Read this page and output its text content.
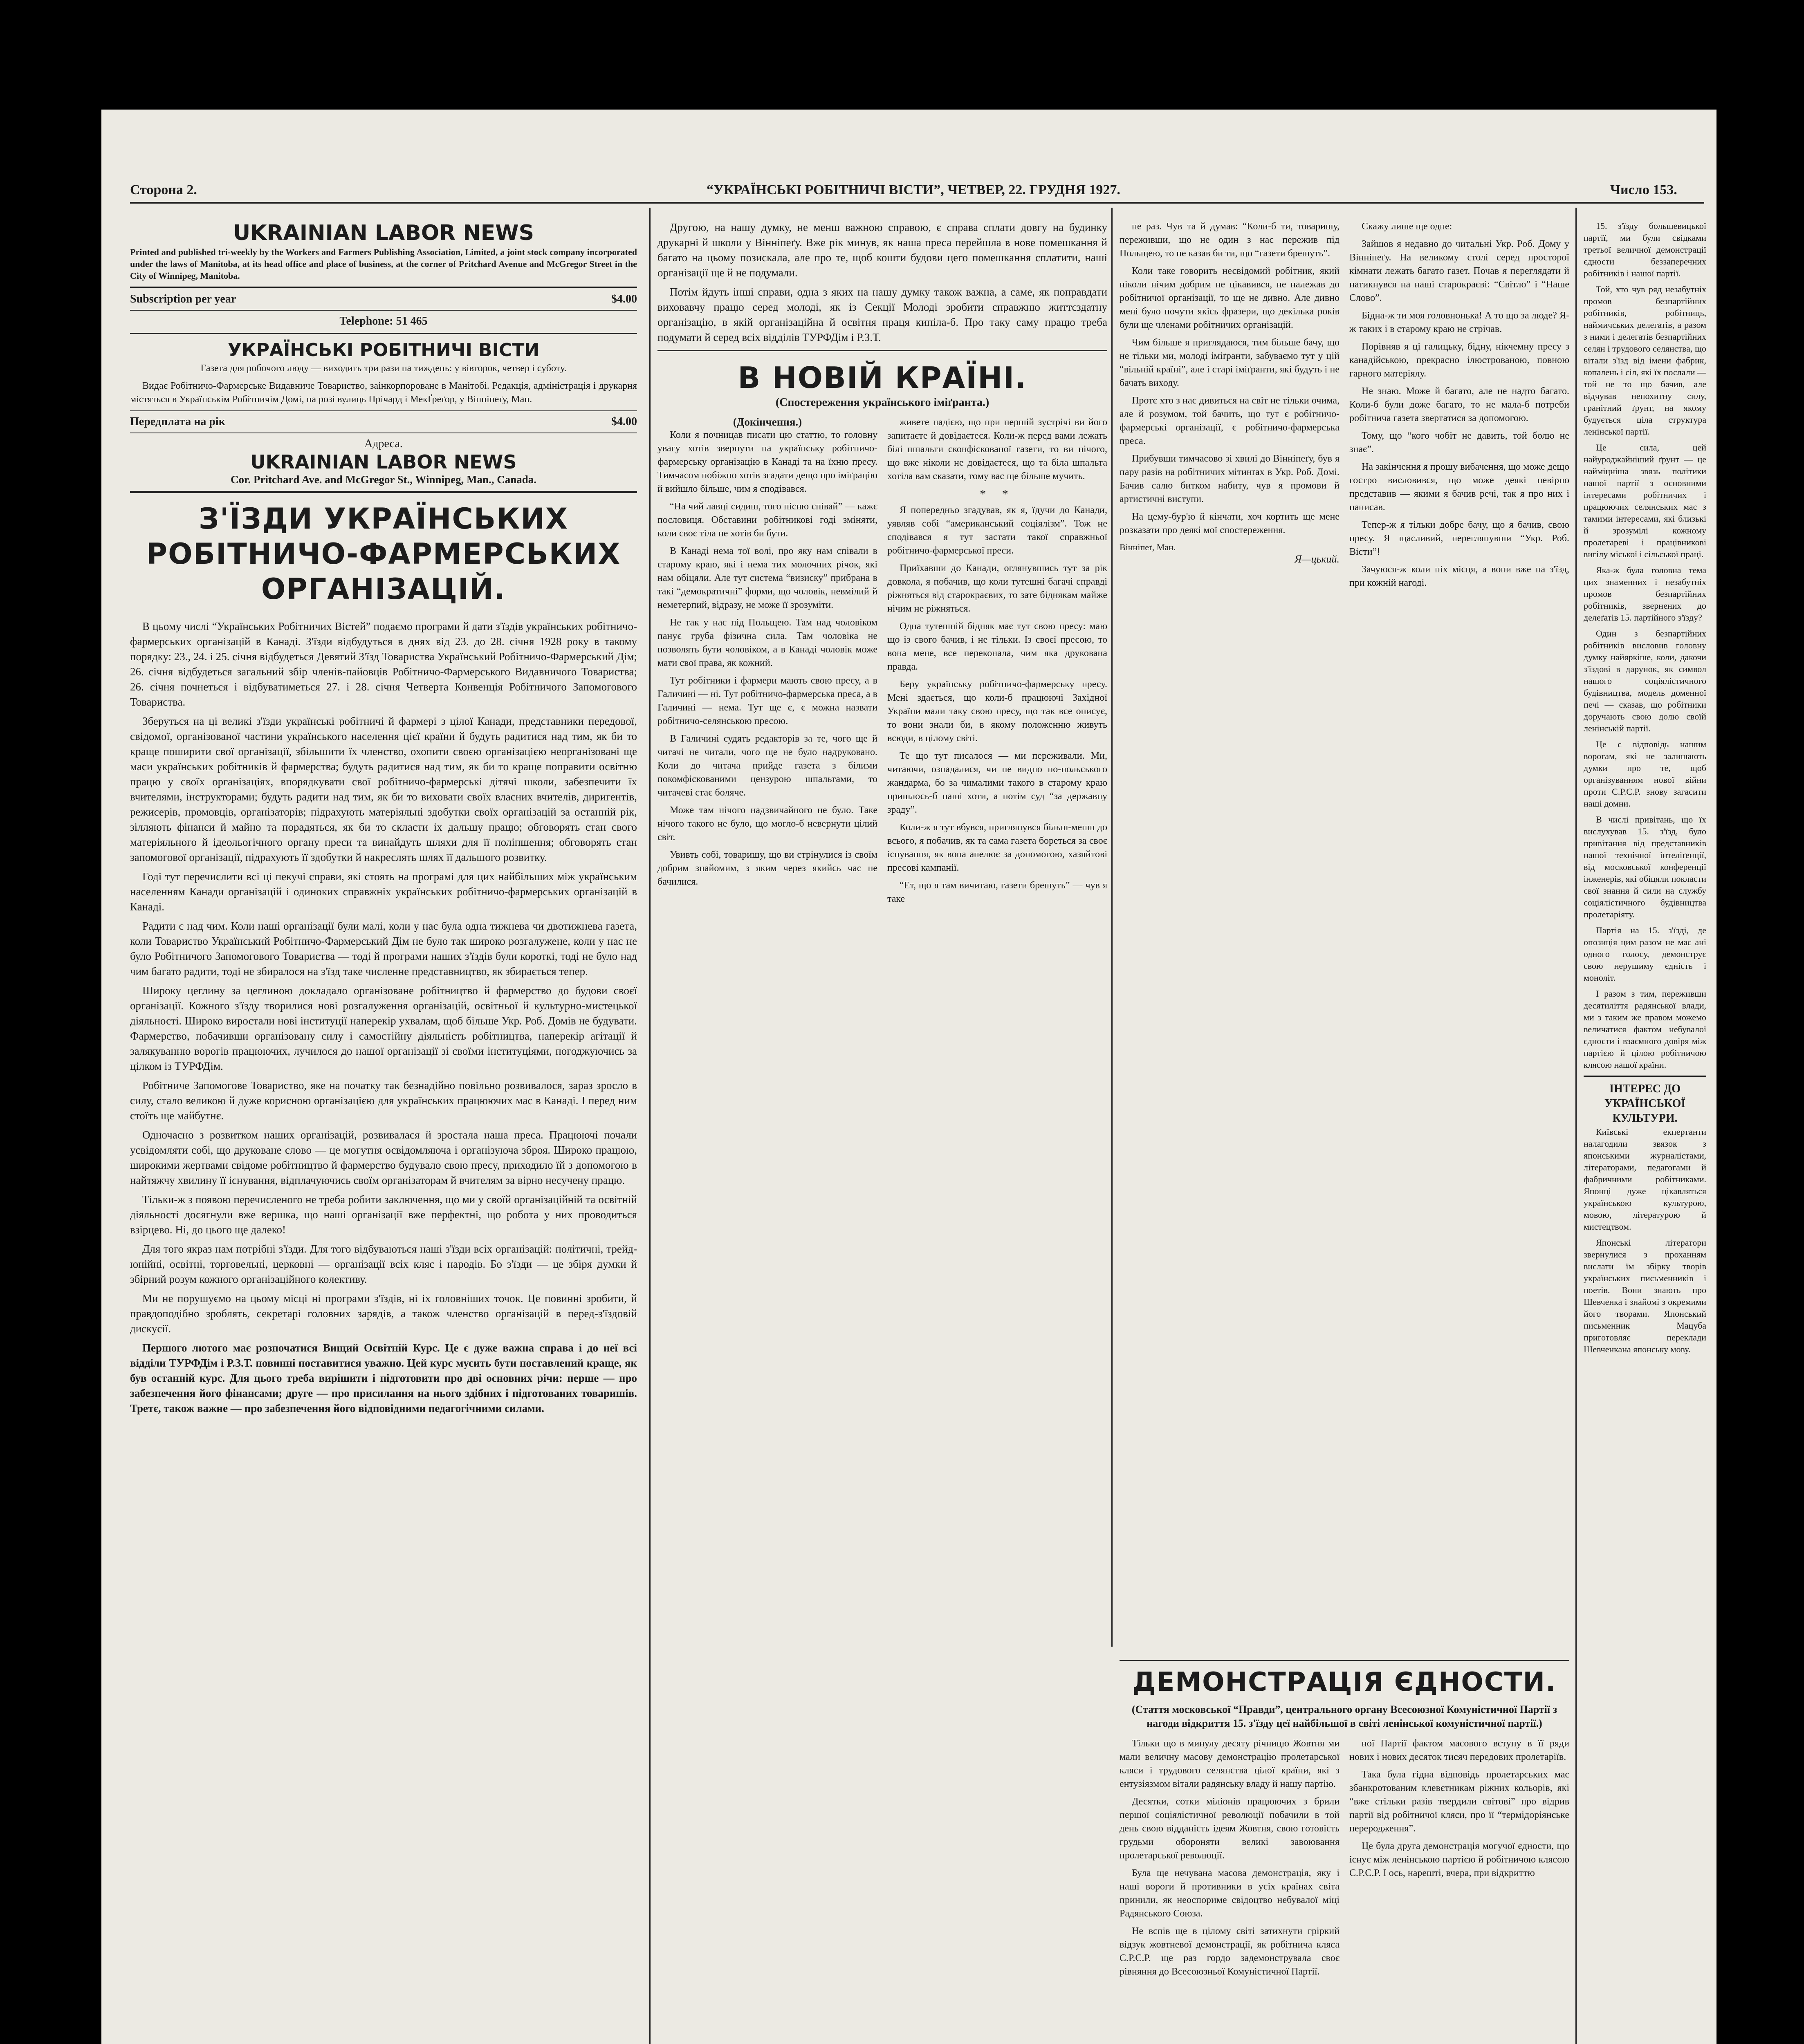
Сторона 2.	“УКРАЇНСЬКІ РОБІТНИЧІ ВІСТИ”, ЧЕТВЕР, 22. ГРУДНЯ 1927.	Число 153.
UKRAINIAN LABOR NEWS
Printed and published tri-weekly by the Workers and Farmers Publishing Association, Limited, a joint stock company incorporated under the laws of Manitoba, at its head office and place of business, at the corner of Pritchard Avenue and McGregor Street in the City of Winnipeg, Manitoba.
Subscription per year	$4.00
Telephone: 51 465
УКРАЇНСЬКІ РОБІТНИЧІ ВІСТИ
Газета для робочого люду — виходить три рази на тиждень: у вівторок, четвер і суботу.
Видає Робітничо-Фармерське Видавниче Товариство, заінкорпороване в Манітобі. Редакція, адміністрація і друкарня містяться в Українськім Робітничім Домі, на розі вулиць Прічард і МекҐреґор, у Вінніпеґу, Ман.
Передплата на рік	$4.00
Адреса.
UKRAINIAN LABOR NEWS
Cor. Pritchard Ave. and McGregor St., Winnipeg, Man., Canada.
З'ЇЗДИ УКРАЇНСЬКИХ РОБІТНИЧО-ФАРМЕРСЬКИХ ОРГАНІЗАЦІЙ.

В цьому числі “Українських Робітничих Вістей” подаємо програми й дати з'їздів українських робітничо-фармерських організацій в Канаді. З'їзди відбудуться в днях від 23. до 28. січня 1928 року в такому порядку: 23., 24. і 25. січня відбудеться Девятий З'їзд Товариства Український Робітничо-Фармерський Дім; 26. січня відбудеться загальний збір членів-пайовців Робітничо-Фармерського Видавничого Товариства; 26. січня почнеться і відбуватиметься 27. і 28. січня Четверта Конвенція Робітничого Запомогового Товариства.

Зберуться на ці великі з'їзди українські робітничі й фармері з цілої Канади, представники передової, свідомої, організованої частини українського населення цієї країни й будуть радитися над тим, як би то краще поширити свої організації, збільшити їх членство, охопити своєю організацією неорганізовані ще маси українських робітників й фармерства; будуть радитися над тим, як би то краще поправити освітню працю у своїх організаціях, впорядкувати свої робітничо-фармерські дітячі школи, забезпечити їх вчителями, інструкторами; будуть радити над тим, як би то виховати своїх власних вчителів, диригентів, режисерів, промовців, організаторів; підрахують матеріяльні здобутки своїх організацій за останній рік, зілляють фінанси й майно та порадяться, як би то скласти іх дальшу працю; обговорять стан свого матеріяльного й ідеольогічного органу преси та винайдуть шляхи для її поліпшення; обговорять стан запомогової організації, підрахують її здобутки й накреслять шлях її дальшого розвитку.

Годі тут перечислити всі ці пекучі справи, які стоять на програмі для цих найбільших між українським населенням Канади організацій і одиноких справжніх українських робітничо-фармерських організацій в Канаді.

Радити є над чим. Коли наші організації були малі, коли у нас була одна тижнева чи двотижнева газета, коли Товариство Український Робітничо-Фармерський Дім не було так широко розгалужене, коли у нас не було Робітничого Запомогового Товариства — тоді й програми наших з'їздів були короткі, тоді не було над чим багато радити, тоді не збиралося на з'їзд таке численне представництво, як збирається тепер.

Широку цеглину за цеглиною докладало організоване робітництво й фармерство до будови своєї організації. Кожного з'їзду творилися нові розгалуження організацій, освітньої й культурно-мистецької діяльності. Широко виростали нові інституції наперекір ухвалам, щоб більше Укр. Роб. Домів не будувати. Фармерство, побачивши організовану силу і самостійну діяльність робітництва, наперекір агітації й залякуванню ворогів працюючих, лучилося до нашої організації зі своїми інституціями, погоджуючись за цілком із ТУРФДім.

Робітниче Запомогове Товариство, яке на початку так безнадійно повільно розвивалося, зараз зросло в силу, стало великою й дуже корисною організацією для українських працюючих мас в Канаді. І перед ним стоїть ще майбутнє.

Одночасно з розвитком наших організацій, розвивалася й зростала наша преса. Працюючі почали усвідомляти собі, що друковане слово — це могутня освідомляюча і організуюча зброя. Широко працюю, широкими жертвами свідоме робітництво й фармерство будувало свою пресу, приходило їй з допомогою в найтяжчу хвилину її існування, відплачуючись своїм організаторам й вчителям за вірно несучену працю.

Тільки-ж з появою перечисленого не треба робити заключення, що ми у своїй організаційній та освітній діяльності досягнули вже вершка, що наші організації вже перфектні, що робота у них проводиться взірцево. Ні, до цього ще далеко!

Для того якраз нам потрібні з'їзди. Для того відбуваються наші з'їзди всіх організацій: політичні, трейд-юнійні, освітні, торговельні, церковні — організації всіх кляс і народів. Бо з'їзди — це збіря думки й збірний розум кожного організаційного колективу.

Ми не порушуємо на цьому місці ні програми з'їздів, ні іх головніших точок. Це повинні зробити, й правдоподібно зроблять, секретарі головних зарядів, а також членство організацій в перед-з'їздовій дискусії.

Першого лютого має розпочатися Вищий Освітній Курс. Це є дуже важна справа і до неї всі відділи ТУРФДім і Р.З.Т. повинні поставитися уважно. Цей курс мусить бути поставлений краще, як був останній курс. Для цього треба вирішити і підготовити про дві основних річи: перше — про забезпечення його фінансами; друге — про присилання на нього здібних і підготованих товаришів. Третє, також важне — про забезпечення його відповідними педагогічними силами.

Другою, на нашу думку, не менш важною справою, є справа сплати довгу на будинку друкарні й школи у Вінніпеґу. Вже рік минув, як наша преса перейшла в нове помешкання й багато на цьому позискала, але про те, щоб кошти будови цего помешкання сплатити, наші організації ще й не подумали.

Потім йдуть інші справи, одна з яких на нашу думку також важна, а саме, як поправдати виховавчу працю серед молоді, як із Секції Молоді зробити справжню життєздатну організацію, в якій організаційна й освітня праця кипіла-б. Про таку саму працю треба подумати й серед всіх відділів ТУРФДім і Р.З.Т.

В НОВІЙ КРАЇНІ.
(Спостереження українського іміґранта.)
(Докінчення.)

Коли я почницав писати цю статтю, то головну увагу хотів звернути на українську робітничо-фармерську організацію в Канаді та на їхню пресу. Тимчасом побіжно хотів згадати дещо про іміґрацію й вийшло більше, чим я сподівався.

“На чий лавці сидиш, того пісню співай” — кажє пословиця. Обставини робітникові годі зміняти, коли своє тіла не хотів би бути.

В Канаді нема тої волі, про яку нам співали в старому краю, які і нема тих молочних річок, які нам обіцяли. Але тут система “визиску” прибрана в такі “демократичні” форми, що чоловік, невмілий й неметерпий, відразу, не може її зрозуміти.

Не так у нас під Польщею. Там над чоловіком панує груба фізична сила. Там чоловіка не позволять бути чоловіком, а в Канаді чоловік може мати свої права, як кожний.

Тут робітники і фармери мають свою пресу, а в Галичині — ні. Тут робітничо-фармерська преса, а в Галичині — нема. Тут ще є, є можна назвати робітничо-селянською пресою.

В Галичині судять редакторів за те, чого ще й читачі не читали, чого ще не було надруковано. Коли до читача прийде газета з білими покомфіскованими цензурою шпальтами, то читачеві стає боляче.

Може там нічого надзвичайного не було. Таке нічого такого не було, що могло-б невернути цілий світ.

Увивть собі, товаришу, що ви стрінулися із своїм добрим знайомим, з яким через якийсь час не бачилися.

живете надією, що при першій зустрічі ви його запитаєте й довідаєтеся. Коли-ж перед вами лежать білі шпальти сконфіскованої газети, то ви нічого, що вже ніколи не довідаєтеся, що та біла шпальта хотіла вам сказати, тому вас ще більше мучить.

* *

Я попередньо згадував, як я, їдучи до Канади, уявляв собі “американський соціялізм”. Тож не сподівався я тут застати такої справжньої робітничо-фармерської преси.

Приїхавши до Канади, оглянувшись тут за рік довкола, я побачив, що коли тутешні багачі справді ріжняться від старокраєвих, то зате біднякам майже нічим не ріжняться.

Одна тутешній бідняк має тут свою пресу: маю що із свого бачив, і не тільки. Із своєї пресою, то вона мене, все переконала, чим яка друкована правда.

Беру українську робітничо-фармерську пресу. Мені здається, що коли-б працюючі Західної України мали таку свою пресу, що так все описує, то вони знали би, в якому положенню живуть всюди, в цілому світі.

Те що тут писалося — ми переживали. Ми, читаючи, ознадалися, чи не видно по-польського жандарма, бо за чималими такого в старому краю пришлось-б наші хоти, а потім суд “за державну зраду”.

Коли-ж я тут вбувся, приглянувся більш-менш до всього, я побачив, як та сама газета бореться за своє існування, як вона апелює за допомогою, хазяйтові пресові кампанії.

“Ет, що я там вичитаю, газети брешуть” — чув я таке

не раз. Чув та й думав: “Коли-б ти, товаришу, переживши, що не один з нас пережив під Польщею, то не казав би ти, що “газети брешуть”.

Коли таке говорить несвідомий робітник, який ніколи нічим добрим не цікавився, не належав до робітничої організації, то ще не дивно. Але дивно мені було почути якісь фразери, що декілька років були ще членами робітничих організацій.

Чим більше я приглядаюся, тим більше бачу, що не тільки ми, молоді іміґранти, забуваємо тут у цій “вільній країні”, але і старі іміґранти, які будуть і не бачать виходу.

Протє хто з нас дивиться на світ не тільки очима, але й розумом, той бачить, що тут є робітничо-фармерські організації, є робітничо-фармерська преса.

Прибувши тимчасово зі хвилі до Вінніпеґу, був я пару разів на робітничих мітинґах в Укр. Роб. Домі. Бачив салю битком набиту, чув я промови й артистичні виступи.

На цему-бур'ю й кінчати, хоч кортить ще мене розказати про деякі мої спостереження.

Вінніпеґ, Ман.
Я—цький.

Скажу лише ще одне:

Зайшов я недавно до читальні Укр. Роб. Дому у Вінніпеґу. На великому столі серед просторої кімнати лежать багато газет. Почав я переглядати й натикнувся на наші старокраєві: “Світло” і “Наше Слово”.

Бідна-ж ти моя головнонька! А то що за люде? Я-ж таких і в старому краю не стрічав.

Порівняв я ці галицьку, бідну, нікчемну пресу з канадійською, прекрасно ілюстрованою, повною гарного матеріялу.

Не знаю. Може й багато, але не надто багато. Коли-б були доже багато, то не мала-б потреби робітнича газета звертатися за допомогою.

Тому, що “кого чобіт не давить, той болю не знає”.

На закінчення я прошу вибачення, що може дещо гостро висловився, що може деякі невірно представив — якими я бачив речі, так я про них і написав.

Тепер-ж я тільки добре бачу, що я бачив, свою пресу. Я щасливий, переглянувши “Укр. Роб. Вісти”!

Зачуюся-ж коли ніх місця, а вони вже на з'їзд, при кожній нагоді.

ДЕМОНСТРАЦІЯ ЄДНОСТИ.
(Стаття московської “Правди”, центрального органу Всесоюзної Комуністичної Партії з нагоди відкриття 15. з'їзду цеї найбільшої в світі ленінської комуністичної партії.)

Тільки що в минулу десяту річницю Жовтня ми мали величну масову демонстрацію пролетарської кляси і трудового селянства цілої країни, які з ентузіязмом вітали радянську владу й нашу партію.

Десятки, сотки міліонів працюючих з брили першої соціялістичної революції побачили в той день свою відданість ідеям Жовтня, свою готовість грудьми обороняти великі завоювання пролетарської революції.

Була ще нечувана масова демонстрація, яку і наші вороги й противники в усіх країнах світа принили, як неоспориме свідоцтво небувалої міці Радянського Союза.

Не вспів ще в цілому світі затихнути гріркий відзук жовтневої демонстрації, як робітнича кляса С.Р.С.Р. ще раз гордо задемонструвала своє рівняння до Всесоюзньої Комуністичної Партії.

ної Партії фактом масового вступу в її ряди нових і нових десяток тисяч передових пролетаріїв.

Така була гідна відповідь пролетарських мас збанкротованим клевєтникам ріжних кольорів, які “вже стільки разів твердили світові” про відрив партії від робітничої кляси, про її “термідоріянське переродження”.

Це була друга демонстрація могучої єдности, що існує між ленінською партією й робітничою клясою С.Р.С.Р. І ось, нарешті, вчера, при відкриттю

15. з'їзду большевицької партії, ми були свідками третьої величної демонстрації єдности беззаперечних робітників і нашої партії.

Той, хто чув ряд незабутніх промов безпартійних робітників, робітниць, наймичських делегатів, а разом з ними і делегатів безпартійних селян і трудового селянства, що вітали з'їзд від імени фабрик, копалень і сіл, які їх послали — той не то що бачив, але відчував непохитну силу, гранітний ґрунт, на якому будується ціла структура ленінської партії.

Це сила, цей найуроджайніший ґрунт — це найміцніша звязь політики нашої партії з основними інтересами робітничих і працюючих селянських мас з тамими інтересами, які близькі й зрозумілі кожному пролетареві і працівникові вигілу міської і сільської праці.

Яка-ж була головна тема цих знаменних і незабутніх промов безпартійних робітників, звернених до делеґатів 15. партійного з'їзду?

Один з безпартійних робітників висловив головну думку найяркіше, коли, дакочи з'їздові в дарунок, як символ нашого соціялістичного будівництва, модель доменної печі — сказав, що робітники доручають свою долю своїй ленінській партії.

Це є відповідь нашим ворогам, які не залишають думки про те, щоб організуванням нової війни проти С.Р.С.Р. знову загасити наші домни.

В числі привітань, що їх вислухував 15. з'їзд, було привітання від представників нашої технічної інтеліґенції, від московської конференції інженерів, які обіцяли покласти свої знання й сили на службу соціялістичного будівництва пролетаріяту.

Партія на 15. з'їзді, де опозиція цим разом не має ані одного голосу, демонструє свою нерушиму єдність і моноліт.

І разом з тим, переживши десятиліття радянської влади, ми з таким же правом можемо величатися фактом небувалої єдности і взаємного довіря між партією й цілою робітничою клясою нашої країни.

ІНТЕРЕС ДО УКРАЇНСЬКОЇ КУЛЬТУРИ.

Київські екпертанти налагодили звязок з японськими журналістами, літераторами, педагогами й фабричними робітниками. Японці дуже цікавляться українською культурою, мовою, літературою й мистецтвом.

Японські літератори звернулися з проханням вислати їм збірку творів українських письменників і поетів. Вони знають про Шевченка і знайомі з окремими його творами. Японський письменник Мацуба приготовляє переклади Шевченкана японську мову.
